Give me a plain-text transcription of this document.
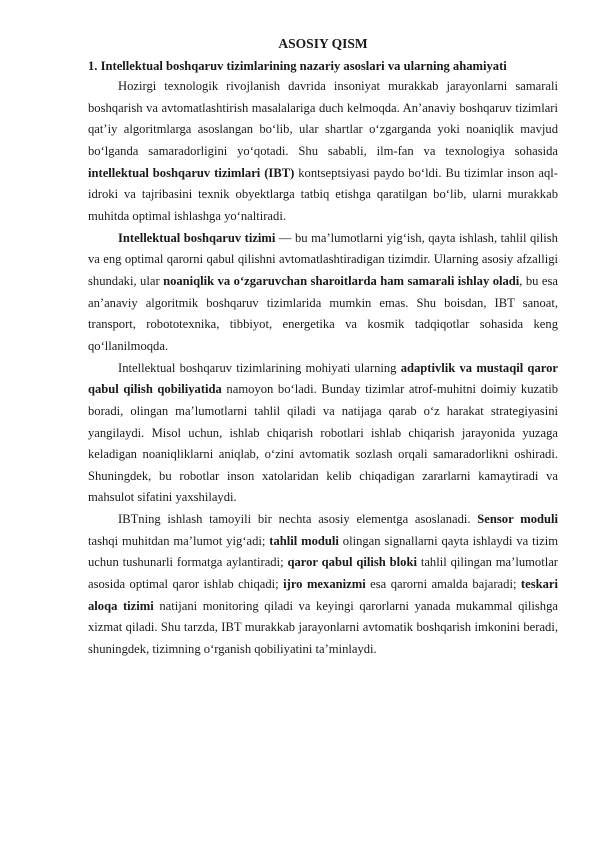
ASOSIY QISM
1. Intellektual boshqaruv tizimlarining nazariy asoslari va ularning ahamiyati

Hozirgi texnologik rivojlanish davrida insoniyat murakkab jarayonlarni samarali boshqarish va avtomatlashtirish masalalariga duch kelmoqda. An’anaviy boshqaruv tizimlari qat’iy algoritmlarga asoslangan bo‘lib, ular shartlar o‘zgarganda yoki noaniqlik mavjud bo‘lganda samaradorligini yo‘qotadi. Shu sababli, ilm-fan va texnologiya sohasida intellektual boshqaruv tizimlari (IBT) kontseptsiyasi paydo bo‘ldi. Bu tizimlar inson aql-idroki va tajribasini texnik obyektlarga tatbiq etishga qaratilgan bo‘lib, ularni murakkab muhitda optimal ishlashga yo‘naltiradi.

Intellektual boshqaruv tizimi — bu ma’lumotlarni yig‘ish, qayta ishlash, tahlil qilish va eng optimal qarorni qabul qilishni avtomatlashtiradigan tizimdir. Ularning asosiy afzalligi shundaki, ular noaniqlik va o‘zgaruvchan sharoitlarda ham samarali ishlay oladi, bu esa an’anaviy algoritmik boshqaruv tizimlarida mumkin emas. Shu boisdan, IBT sanoat, transport, robototexnika, tibbiyot, energetika va kosmik tadqiqotlar sohasida keng qo‘llanilmoqda.

Intellektual boshqaruv tizimlarining mohiyati ularning adaptivlik va mustaqil qaror qabul qilish qobiliyatida namoyon bo‘ladi. Bunday tizimlar atrof-muhitni doimiy kuzatib boradi, olingan ma’lumotlarni tahlil qiladi va natijaga qarab o‘z harakat strategiyasini yangilaydi. Misol uchun, ishlab chiqarish robotlari ishlab chiqarish jarayonida yuzaga keladigan noaniqliklarni aniqlab, o‘zini avtomatik sozlash orqali samaradorlikni oshiradi. Shuningdek, bu robotlar inson xatolaridan kelib chiqadigan zararlarni kamaytiradi va mahsulot sifatini yaxshilaydi.

IBTning ishlash tamoyili bir nechta asosiy elementga asoslanadi. Sensor moduli tashqi muhitdan ma’lumot yig‘adi; tahlil moduli olingan signallarni qayta ishlaydi va tizim uchun tushunarli formatga aylantiradi; qaror qabul qilish bloki tahlil qilingan ma’lumotlar asosida optimal qaror ishlab chiqadi; ijro mexanizmi esa qarorni amalda bajaradi; teskari aloqa tizimi natijani monitoring qiladi va keyingi qarorlarni yanada mukammal qilishga xizmat qiladi. Shu tarzda, IBT murakkab jarayonlarni avtomatik boshqarish imkonini beradi, shuningdek, tizimning o‘rganish qobiliyatini ta’minlaydi.
